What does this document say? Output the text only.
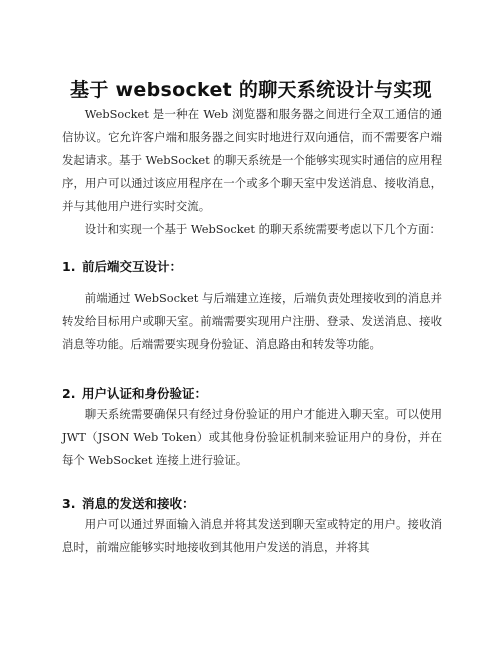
基于 websocket 的聊天系统设计与实现

WebSocket 是一种在 Web 浏览器和服务器之间进行全双工通信的通信协议。它允许客户端和服务器之间实时地进行双向通信，而不需要客户端发起请求。基于 WebSocket 的聊天系统是一个能够实现实时通信的应用程序，用户可以通过该应用程序在一个或多个聊天室中发送消息、接收消息，并与其他用户进行实时交流。

设计和实现一个基于 WebSocket 的聊天系统需要考虑以下几个方面：

1. 前后端交互设计：

前端通过 WebSocket 与后端建立连接，后端负责处理接收到的消息并转发给目标用户或聊天室。前端需要实现用户注册、登录、发送消息、接收消息等功能。后端需要实现身份验证、消息路由和转发等功能。

2. 用户认证和身份验证：

聊天系统需要确保只有经过身份验证的用户才能进入聊天室。可以使用 JWT（JSON Web Token）或其他身份验证机制来验证用户的身份，并在每个 WebSocket 连接上进行验证。

3. 消息的发送和接收：

用户可以通过界面输入消息并将其发送到聊天室或特定的用户。接收消息时，前端应能够实时地接收到其他用户发送的消息，并将其
